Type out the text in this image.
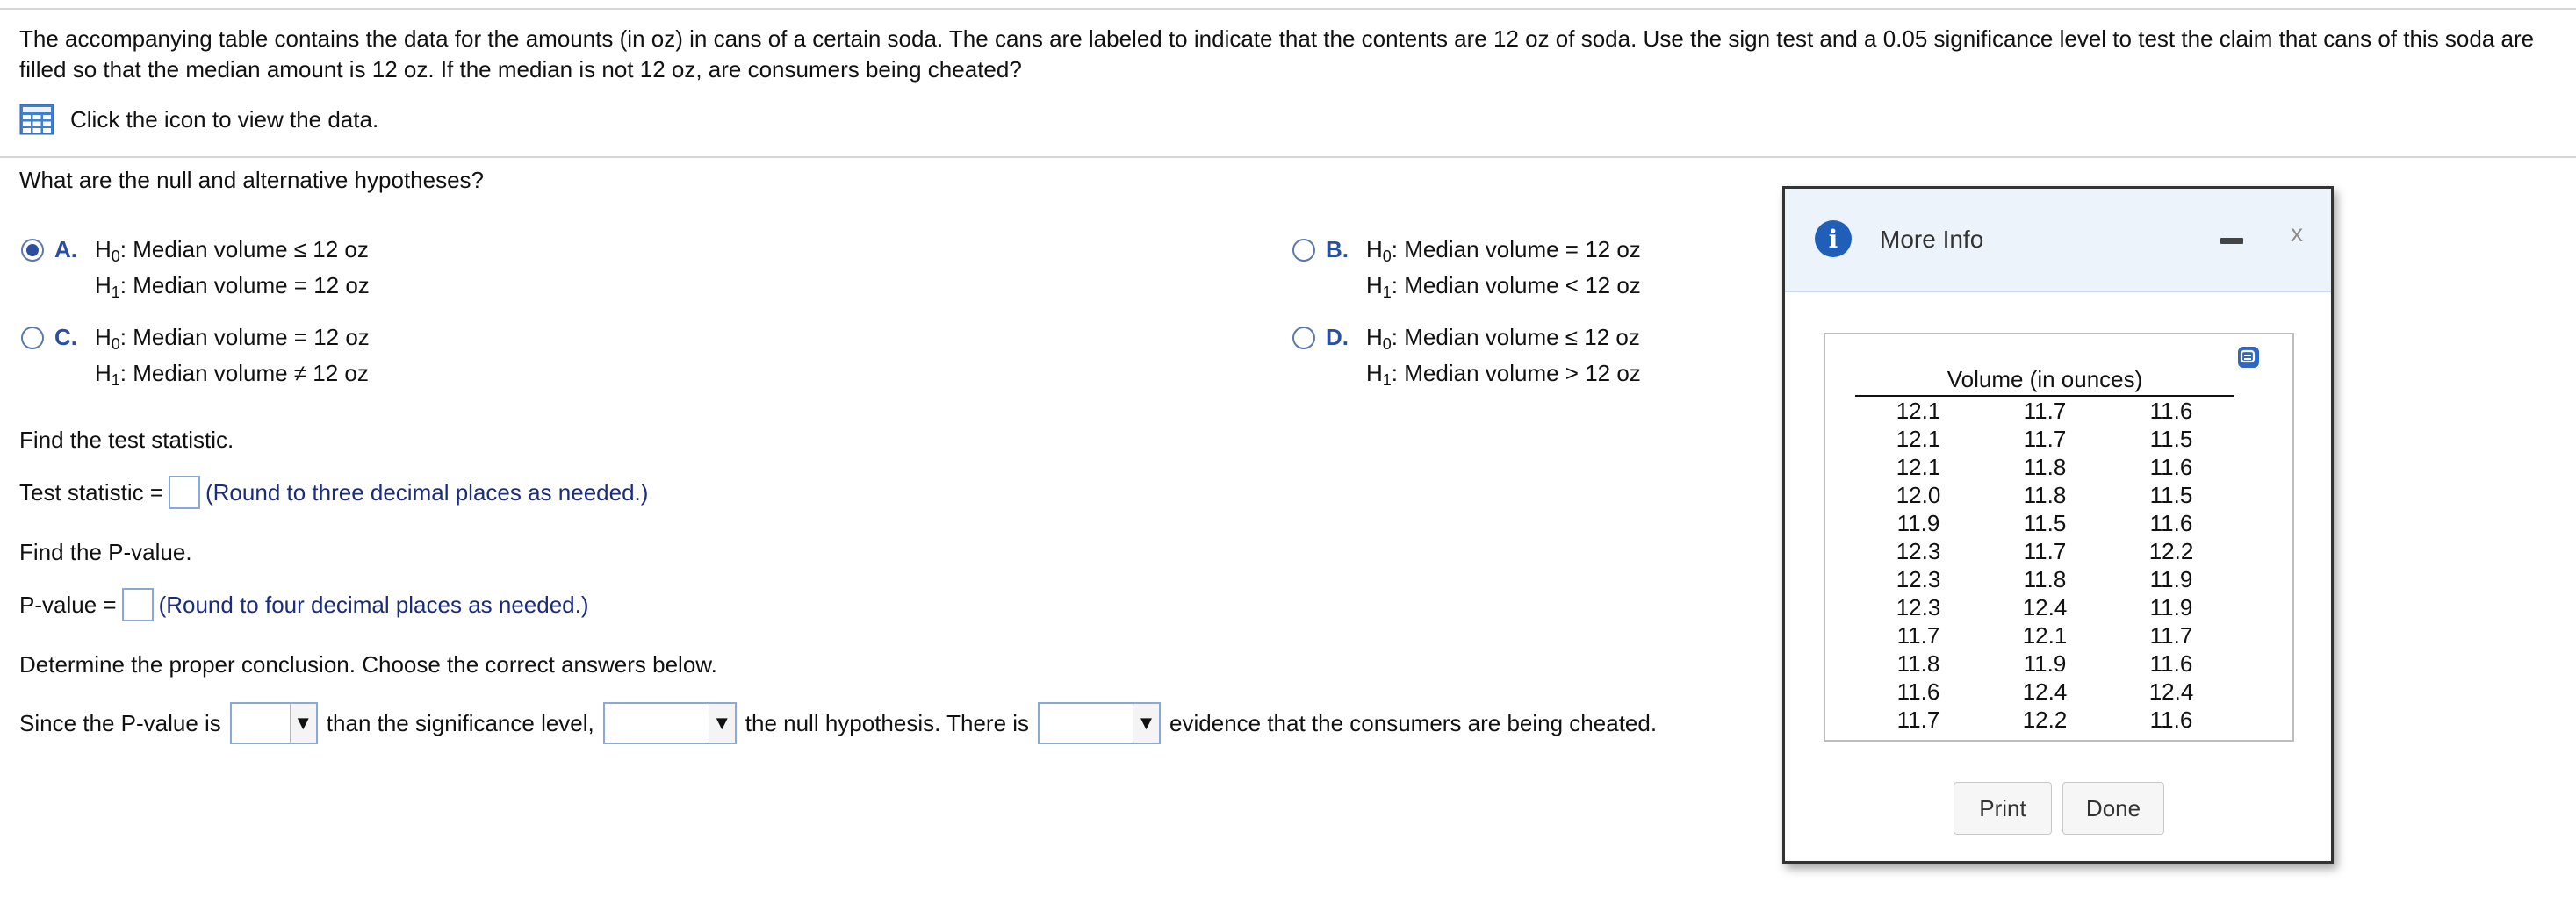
The accompanying table contains the data for the amounts (in oz) in cans of a certain soda. The cans are labeled to indicate that the contents are 12 oz of soda. Use the sign test and a 0.05 significance level to test the claim that cans of this soda are filled so that the median amount is 12 oz. If the median is not 12 oz, are consumers being cheated?
Click the icon to view the data.
What are the null and alternative hypotheses?
A. $H_0$: Median volume ≤ 12 oz
$H_1$: Median volume = 12 oz
B. $H_0$: Median volume = 12 oz
$H_1$: Median volume < 12 oz
C. $H_0$: Median volume = 12 oz
$H_1$: Median volume ≠ 12 oz
D. $H_0$: Median volume ≤ 12 oz
$H_1$: Median volume > 12 oz
Find the test statistic.
Test statistic = (Round to three decimal places as needed.)
Find the P-value.
P-value = (Round to four decimal places as needed.)
Determine the proper conclusion. Choose the correct answers below.
Since the P-value is	▼ than the significance level,	▼ the null hypothesis. There is	▼ evidence that the consumers are being cheated.
i	More Info	x
Volume (in ounces)
12.1	11.7	11.6
12.1	11.7	11.5
12.1	11.8	11.6
12.0	11.8	11.5
11.9	11.5	11.6
12.3	11.7	12.2
12.3	11.8	11.9
12.3	12.4	11.9
11.7	12.1	11.7
11.8	11.9	11.6
11.6	12.4	12.4
11.7	12.2	11.6
Print	Done
